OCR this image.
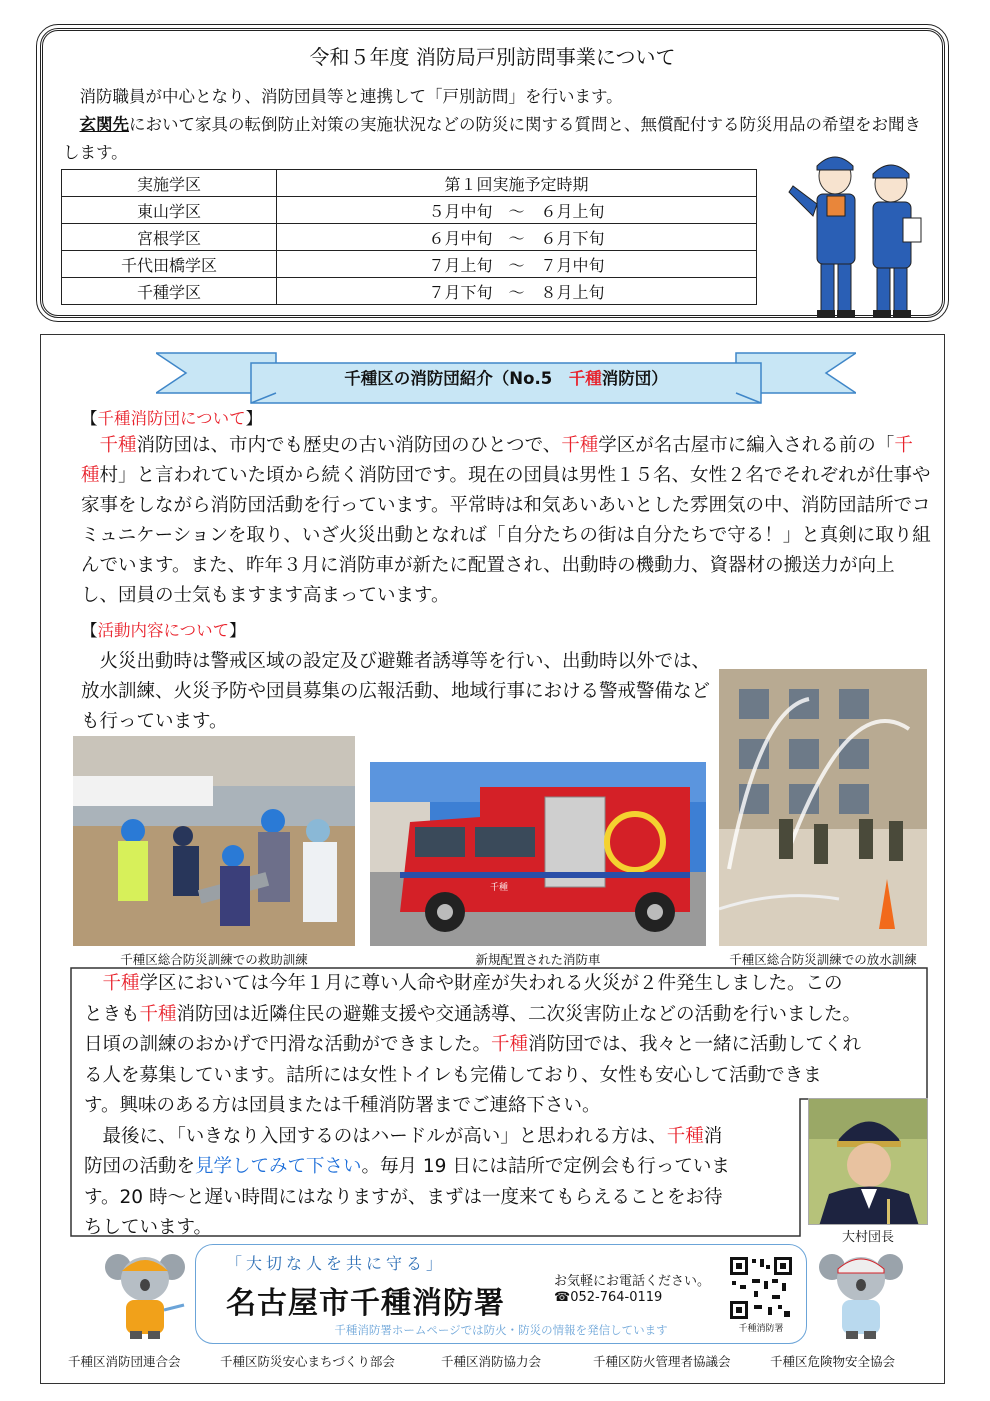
令和５年度 消防局戸別訪問事業について
消防職員が中心となり、消防団員等と連携して「戸別訪問」を行います。
玄関先において家具の転倒防止対策の実施状況などの防災に関する質問と、無償配付する防災用品の希望をお聞きします。
実施学区	第１回実施予定時期
東山学区	５月中旬　～　６月上旬
宮根学区	６月中旬　～　６月下旬
千代田橋学区	７月上旬　～　７月中旬
千種学区	７月下旬　～　８月上旬
千種区の消防団紹介（No.5　千種消防団）
【千種消防団について】
千種消防団は、市内でも歴史の古い消防団のひとつで、千種学区が名古屋市に編入される前の「千種村」と言われていた頃から続く消防団です。現在の団員は男性１５名、女性２名でそれぞれが仕事や家事をしながら消防団活動を行っています。平常時は和気あいあいとした雰囲気の中、消防団詰所でコミュニケーションを取り、いざ火災出動となれば「自分たちの街は自分たちで守る！」と真剣に取り組んでいます。また、昨年３月に消防車が新たに配置され、出動時の機動力、資器材の搬送力が向上し、団員の士気もますます高まっています。
【活動内容について】
火災出動時は警戒区域の設定及び避難者誘導等を行い、出動時以外では、放水訓練、火災予防や団員募集の広報活動、地域行事における警戒警備なども行っています。
千種区総合防災訓練での救助訓練
千種
新規配置された消防車	千種区総合防災訓練での放水訓練
千種学区においては今年１月に尊い人命や財産が失われる火災が２件発生しました。この
ときも千種消防団は近隣住民の避難支援や交通誘導、二次災害防止などの活動を行いました。
日頃の訓練のおかげで円滑な活動ができました。千種消防団では、我々と一緒に活動してくれ
る人を募集しています。詰所には女性トイレも完備しており、女性も安心して活動できま
す。興味のある方は団員または千種消防署までご連絡下さい。
最後に、「いきなり入団するのはハードルが高い」と思われる方は、千種消
防団の活動を見学してみて下さい。毎月 19 日には詰所で定例会も行っていま
す。20 時～と遅い時間にはなりますが、まずは一度来てもらえることをお待
ちしています。	大村団長
「大切な人を共に守る」
名古屋市千種消防署
お気軽にお電話ください。
☎052-764-0119
千種消防署
千種消防署ホームページでは防火・防災の情報を発信しています
千種区消防団連合会	千種区防災安心まちづくり部会	千種区消防協力会	千種区防火管理者協議会	千種区危険物安全協会
